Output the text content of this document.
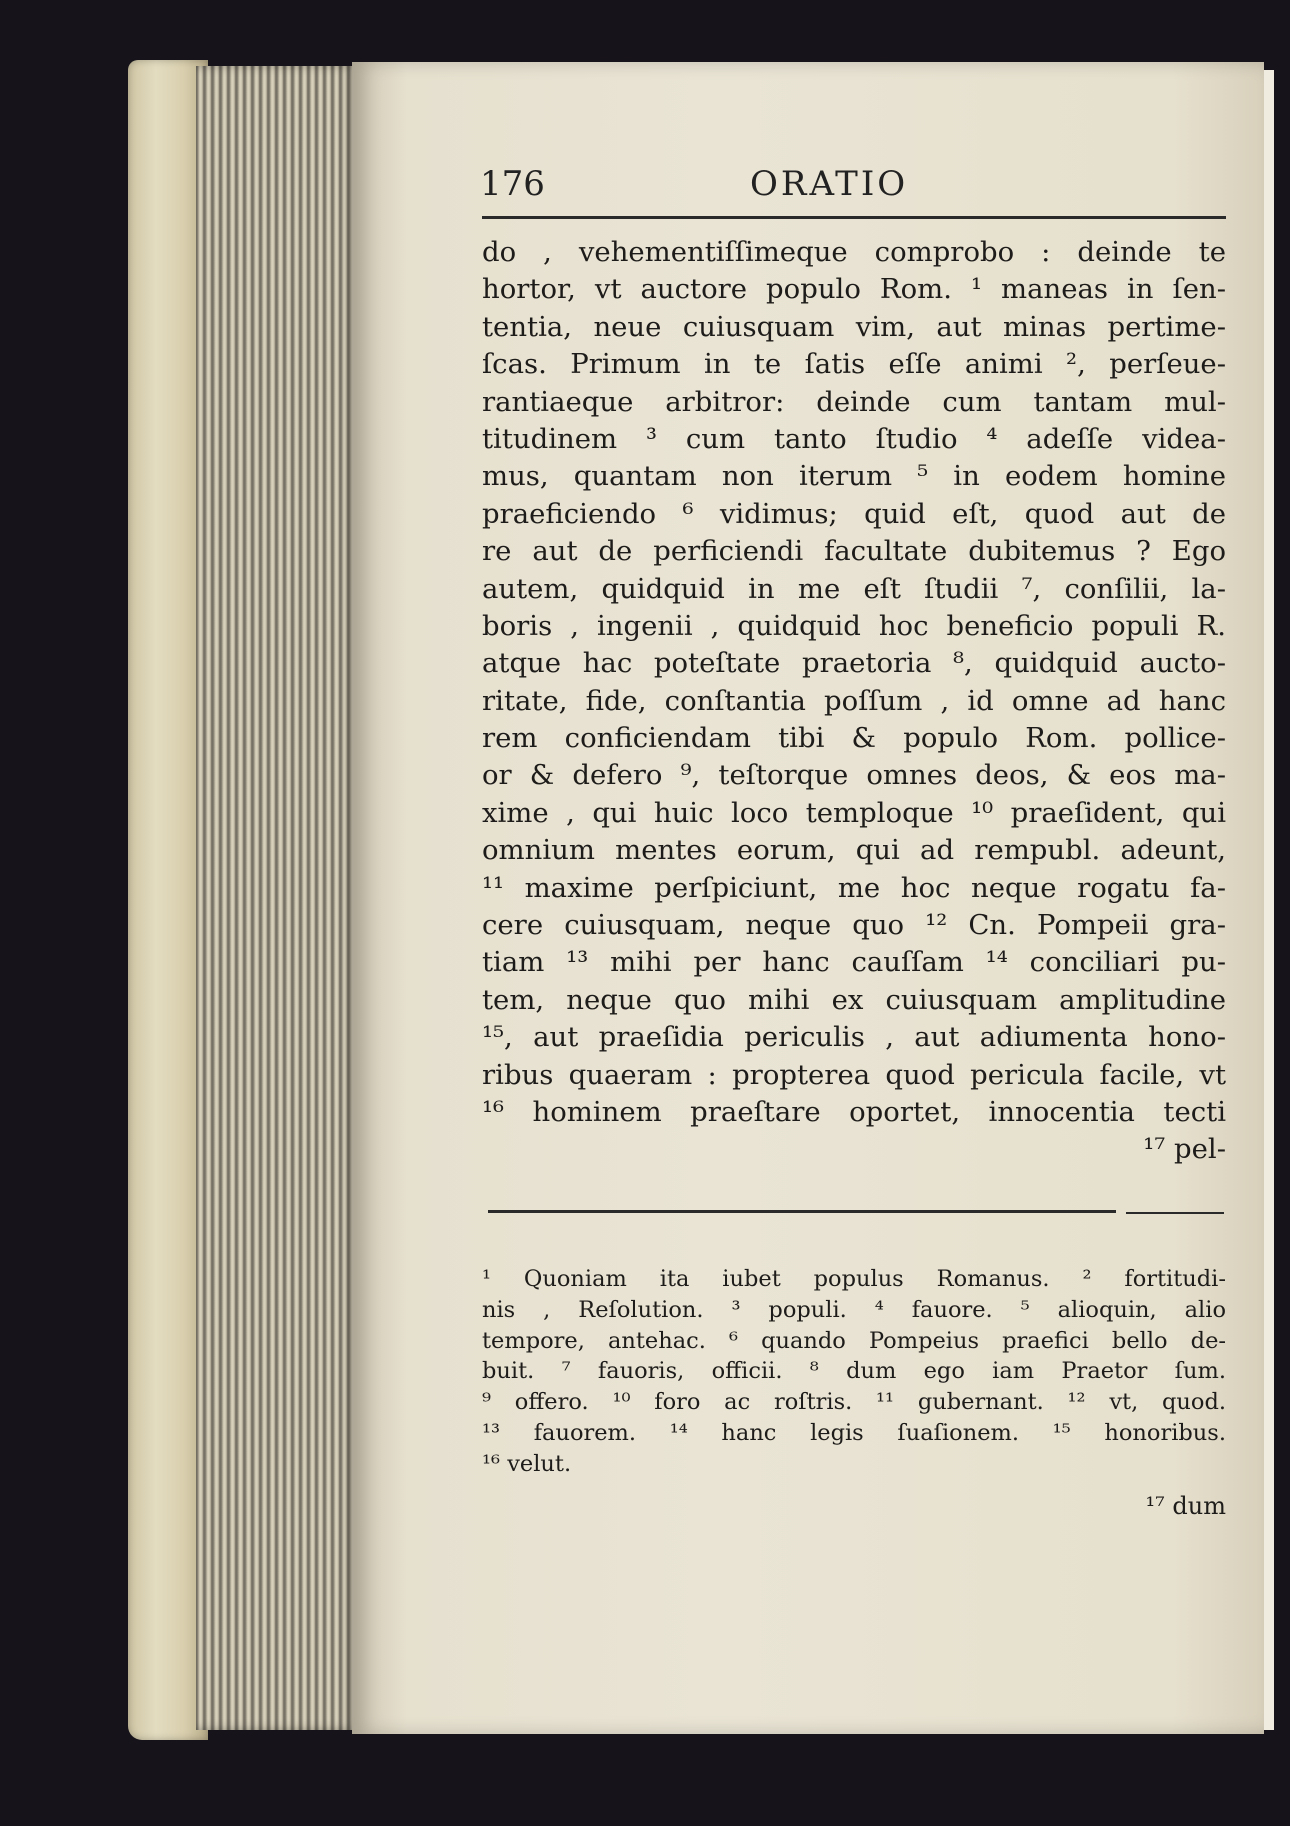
176	ORATIO
do , vehementiſſimeque comprobo : deinde te
hortor, vt auctore populo Rom. ¹ maneas in ſen-
tentia, neue cuiusquam vim, aut minas pertime-
ſcas. Primum in te ſatis eſſe animi ², perſeue-
rantiaeque arbitror: deinde cum tantam mul-
titudinem ³ cum tanto ſtudio ⁴ adeſſe videa-
mus, quantam non iterum ⁵ in eodem homine
praeficiendo ⁶ vidimus; quid eſt, quod aut de
re aut de perficiendi facultate dubitemus ? Ego
autem, quidquid in me eſt ſtudii ⁷, conſilii, la-
boris , ingenii , quidquid hoc beneficio populi R.
atque hac poteſtate praetoria ⁸, quidquid aucto-
ritate, fide, conſtantia poſſum , id omne ad hanc
rem conficiendam tibi & populo Rom. pollice-
or & defero ⁹, teſtorque omnes deos, & eos ma-
xime , qui huic loco temploque ¹⁰ praeſident, qui
omnium mentes eorum, qui ad rempubl. adeunt,
¹¹ maxime perſpiciunt, me hoc neque rogatu fa-
cere cuiusquam, neque quo ¹² Cn. Pompeii gra-
tiam ¹³ mihi per hanc cauſſam ¹⁴ conciliari pu-
tem, neque quo mihi ex cuiusquam amplitudine
¹⁵, aut praeſidia periculis , aut adiumenta hono-
ribus quaeram : propterea quod pericula facile, vt
¹⁶ hominem praeſtare oportet, innocentia tecti
¹⁷ pel-
¹ Quoniam ita iubet populus Romanus. ² fortitudi-
nis , Reſolution. ³ populi. ⁴ fauore. ⁵ alioquin, alio
tempore, antehac. ⁶ quando Pompeius praefici bello de-
buit. ⁷ fauoris, officii. ⁸ dum ego iam Praetor ſum.
⁹ offero. ¹⁰ foro ac roſtris. ¹¹ gubernant. ¹² vt, quod.
¹³ fauorem. ¹⁴ hanc legis ſuaſionem. ¹⁵ honoribus.
¹⁶ velut.
¹⁷ dum
